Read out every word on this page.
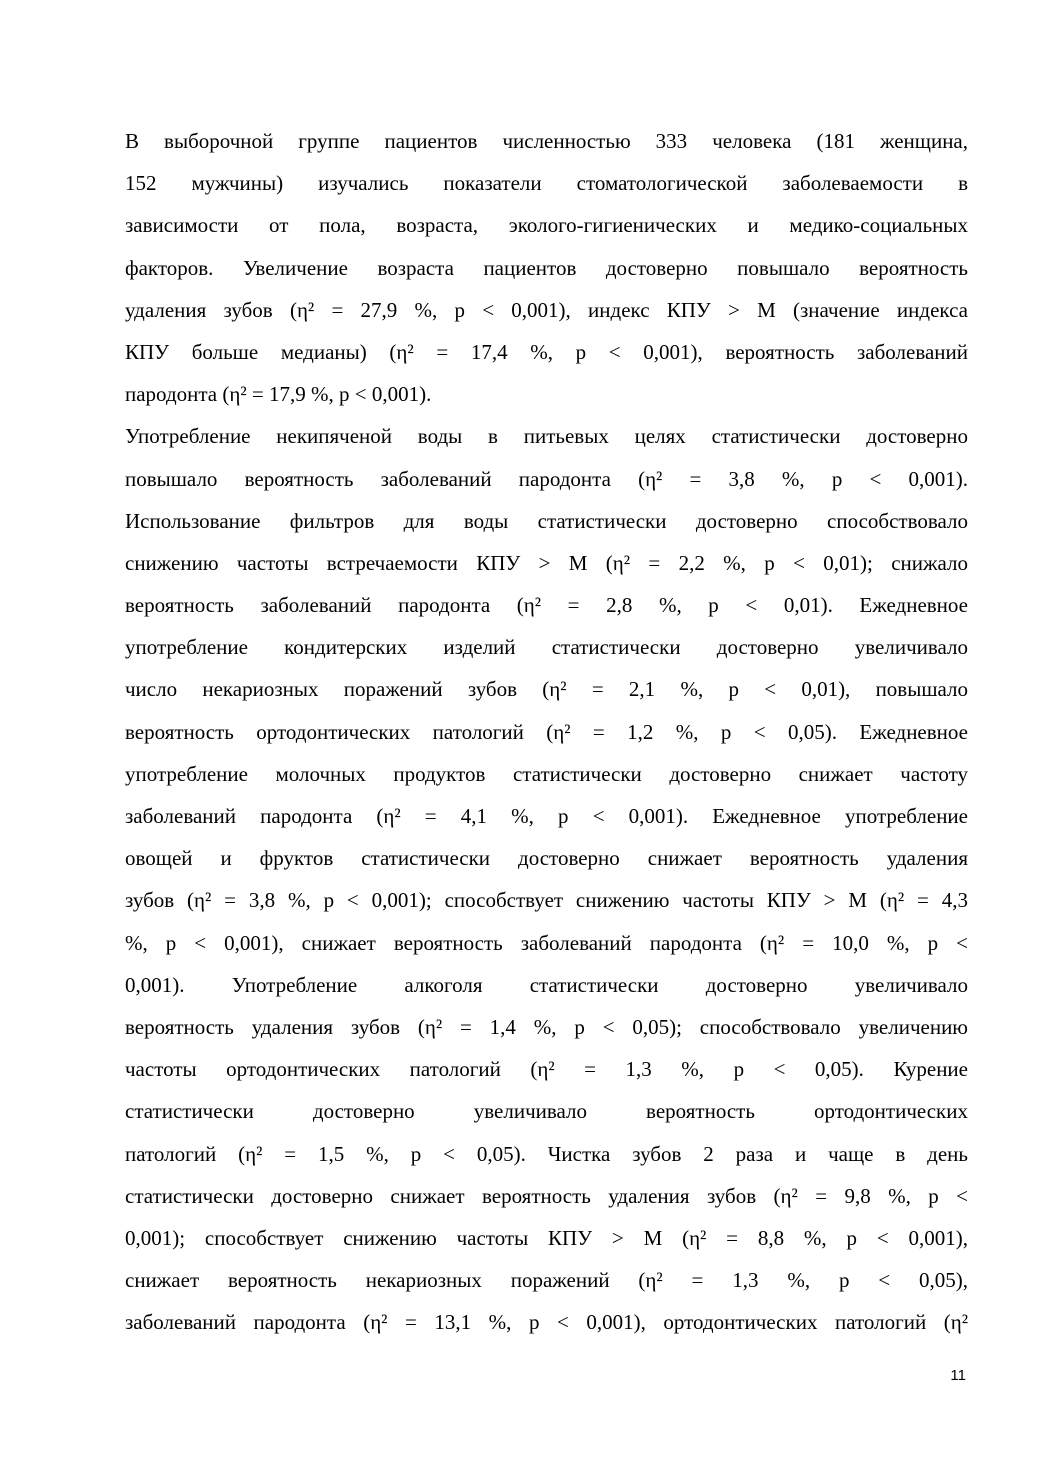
В выборочной группе пациентов численностью 333 человека (181 женщина,
152 мужчины) изучались показатели стоматологической заболеваемости в
зависимости от пола, возраста, эколого-гигиенических и медико-социальных
факторов. Увеличение возраста пациентов достоверно повышало вероятность
удаления зубов (η² = 27,9 %, p < 0,001), индекс КПУ > М (значение индекса
КПУ больше медианы) (η² = 17,4 %, p < 0,001), вероятность заболеваний
пародонта (η² = 17,9 %, p < 0,001).
Употребление некипяченой воды в питьевых целях статистически достоверно
повышало вероятность заболеваний пародонта (η² = 3,8 %, p < 0,001).
Использование фильтров для воды статистически достоверно способствовало
снижению частоты встречаемости КПУ > М (η² = 2,2 %, p < 0,01); снижало
вероятность заболеваний пародонта (η² = 2,8 %, p < 0,01). Ежедневное
употребление кондитерских изделий статистически достоверно увеличивало
число некариозных поражений зубов (η² = 2,1 %, p < 0,01), повышало
вероятность ортодонтических патологий (η² = 1,2 %, p < 0,05). Ежедневное
употребление молочных продуктов статистически достоверно снижает частоту
заболеваний пародонта (η² = 4,1 %, p < 0,001). Ежедневное употребление
овощей и фруктов статистически достоверно снижает вероятность удаления
зубов (η² = 3,8 %, p < 0,001); способствует снижению частоты КПУ > М (η² = 4,3
%, p < 0,001), снижает вероятность заболеваний пародонта (η² = 10,0 %, p <
0,001). Употребление алкоголя статистически достоверно увеличивало
вероятность удаления зубов (η² = 1,4 %, p < 0,05); способствовало увеличению
частоты ортодонтических патологий (η² = 1,3 %, p < 0,05). Курение
статистически достоверно увеличивало вероятность ортодонтических
патологий (η² = 1,5 %, p < 0,05). Чистка зубов 2 раза и чаще в день
статистически достоверно снижает вероятность удаления зубов (η² = 9,8 %, p <
0,001); способствует снижению частоты КПУ > М (η² = 8,8 %, p < 0,001),
снижает вероятность некариозных поражений (η² = 1,3 %, p < 0,05),
заболеваний пародонта (η² = 13,1 %, p < 0,001), ортодонтических патологий (η²
11
